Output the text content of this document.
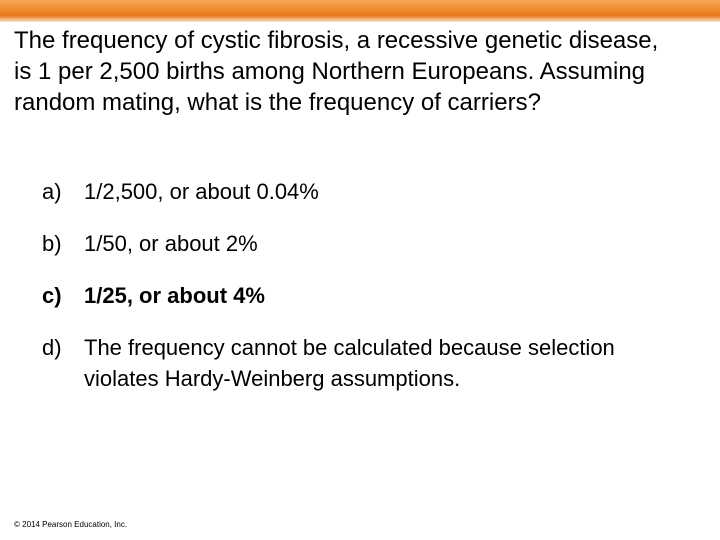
The frequency of cystic fibrosis, a recessive genetic disease, is 1 per 2,500 births among Northern Europeans. Assuming random mating, what is the frequency of carriers?

a) 1/2,500, or about 0.04%
b) 1/50, or about 2%
c) 1/25, or about 4%
d) The frequency cannot be calculated because selection violates Hardy-Weinberg assumptions.
© 2014 Pearson Education, Inc.
